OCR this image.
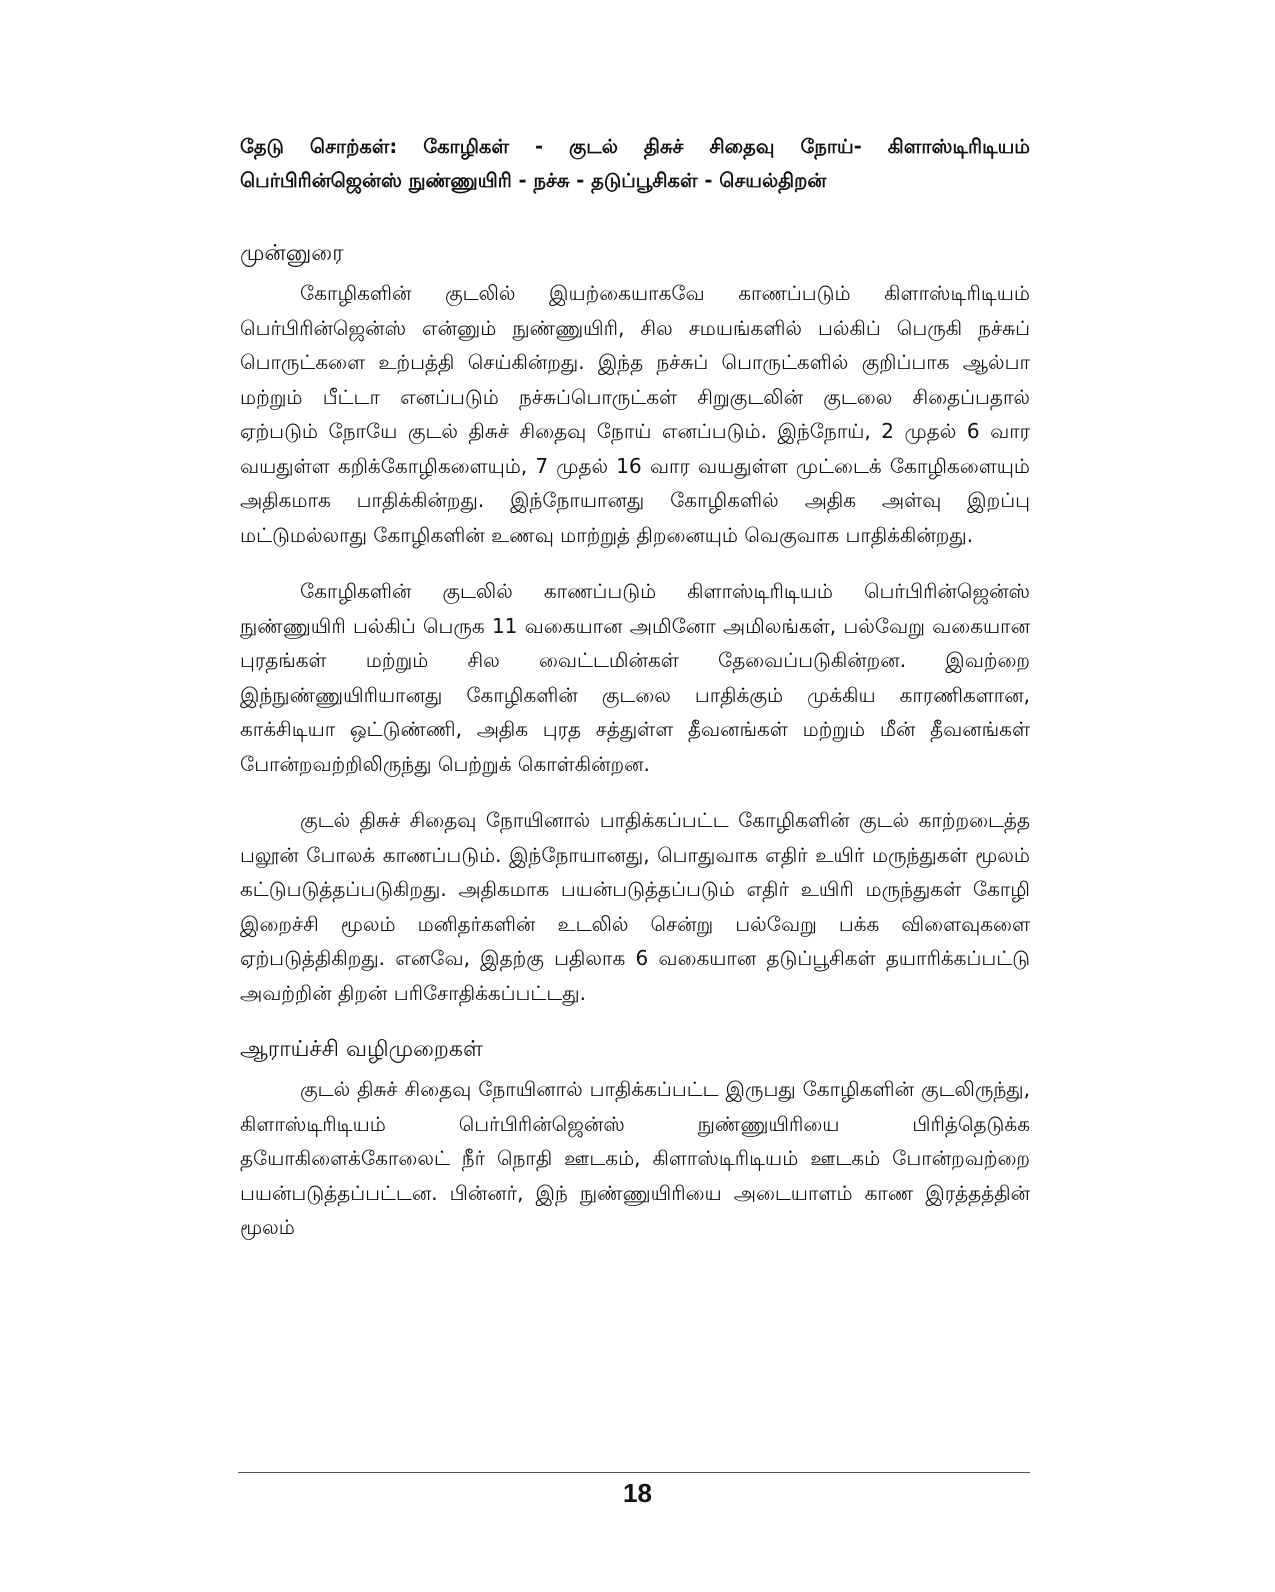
தேடு சொற்கள்: கோழிகள் - குடல் திசுச் சிதைவு நோய்- கிளாஸ்டிரிடியம் பெர்பிரின்ஜென்ஸ் நுண்ணுயிரி - நச்சு - தடுப்பூசிகள் - செயல்திறன்
முன்னுரை

கோழிகளின் குடலில் இயற்கையாகவே காணப்படும் கிளாஸ்டிரிடியம் பெர்பிரின்ஜென்ஸ் என்னும் நுண்ணுயிரி, சில சமயங்களில் பல்கிப் பெருகி நச்சுப் பொருட்களை உற்பத்தி செய்கின்றது. இந்த நச்சுப் பொருட்களில் குறிப்பாக ஆல்பா மற்றும் பீட்டா எனப்படும் நச்சுப்பொருட்கள் சிறுகுடலின் குடலை சிதைப்பதால் ஏற்படும் நோயே குடல் திசுச் சிதைவு நோய் எனப்படும். இந்நோய், 2 முதல் 6 வார வயதுள்ள கறிக்கோழிகளையும், 7 முதல் 16 வார வயதுள்ள முட்டைக் கோழிகளையும் அதிகமாக பாதிக்கின்றது. இந்நோயானது கோழிகளில் அதிக அள்வு இறப்பு மட்டுமல்லாது கோழிகளின் உணவு மாற்றுத் திறனையும் வெகுவாக பாதிக்கின்றது.

கோழிகளின் குடலில் காணப்படும் கிளாஸ்டிரிடியம் பெர்பிரின்ஜென்ஸ் நுண்ணுயிரி பல்கிப் பெருக 11 வகையான அமினோ அமிலங்கள், பல்வேறு வகையான புரதங்கள் மற்றும் சில வைட்டமின்கள் தேவைப்படுகின்றன. இவற்றை இந்நுண்ணுயிரியானது கோழிகளின் குடலை பாதிக்கும் முக்கிய காரணிகளான, காக்சிடியா ஒட்டுண்ணி, அதிக புரத சத்துள்ள தீவனங்கள் மற்றும் மீன் தீவனங்கள் போன்றவற்றிலிருந்து பெற்றுக் கொள்கின்றன.

குடல் திசுச் சிதைவு நோயினால் பாதிக்கப்பட்ட கோழிகளின் குடல் காற்றடைத்த பலூன் போலக் காணப்படும். இந்நோயானது, பொதுவாக எதிர் உயிர் மருந்துகள் மூலம் கட்டுபடுத்தப்படுகிறது. அதிகமாக பயன்படுத்தப்படும் எதிர் உயிரி மருந்துகள் கோழி இறைச்சி மூலம் மனிதர்களின் உடலில் சென்று பல்வேறு பக்க விளைவுகளை ஏற்படுத்திகிறது. எனவே, இதற்கு பதிலாக 6 வகையான தடுப்பூசிகள் தயாரிக்கப்பட்டு அவற்றின் திறன் பரிசோதிக்கப்பட்டது.

ஆராய்ச்சி வழிமுறைகள்

குடல் திசுச் சிதைவு நோயினால் பாதிக்கப்பட்ட இருபது கோழிகளின் குடலிருந்து, கிளாஸ்டிரிடியம் பெர்பிரின்ஜென்ஸ் நுண்ணுயிரியை பிரித்தெடுக்க தயோகிளைக்கோலைட் நீர் நொதி ஊடகம், கிளாஸ்டிரிடியம் ஊடகம் போன்றவற்றை பயன்படுத்தப்பட்டன. பின்னர், இந் நுண்ணுயிரியை அடையாளம் காண இரத்தத்தின் மூலம்

18
